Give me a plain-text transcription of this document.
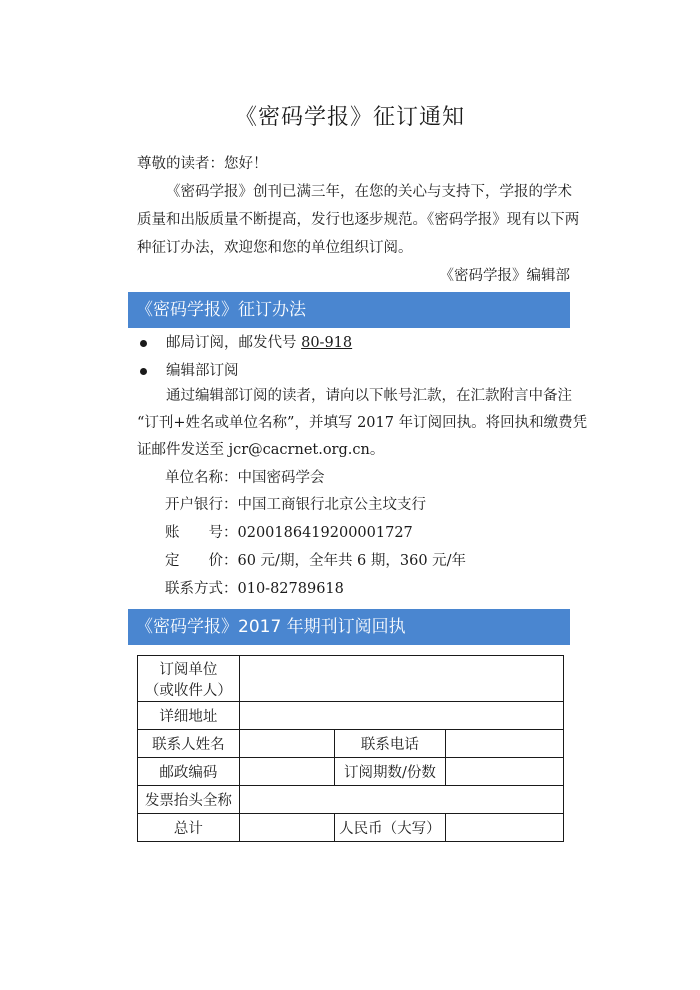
《密码学报》征订通知
尊敬的读者：您好！
《密码学报》创刊已满三年，在您的关心与支持下，学报的学术
质量和出版质量不断提高，发行也逐步规范。《密码学报》现有以下两
种征订办法，欢迎您和您的单位组织订阅。
《密码学报》编辑部
《密码学报》征订办法
邮局订阅，邮发代号 80-918
编辑部订阅
通过编辑部订阅的读者，请向以下帐号汇款，在汇款附言中备注
“订刊+姓名或单位名称”，并填写 2017 年订阅回执。将回执和缴费凭
证邮件发送至 jcr@cacrnet.org.cn。
单位名称：中国密码学会
开户银行：中国工商银行北京公主坟支行
账　　号：0200186419200001727
定　　价：60 元/期，全年共 6 期，360 元/年
联系方式：010-82789618
《密码学报》2017 年期刊订阅回执
订阅单位
（或收件人）			

详细地址			
联系人姓名		联系电话	
邮政编码		订阅期数/份数	
发票抬头全称			
总计		人民币（大写）	
